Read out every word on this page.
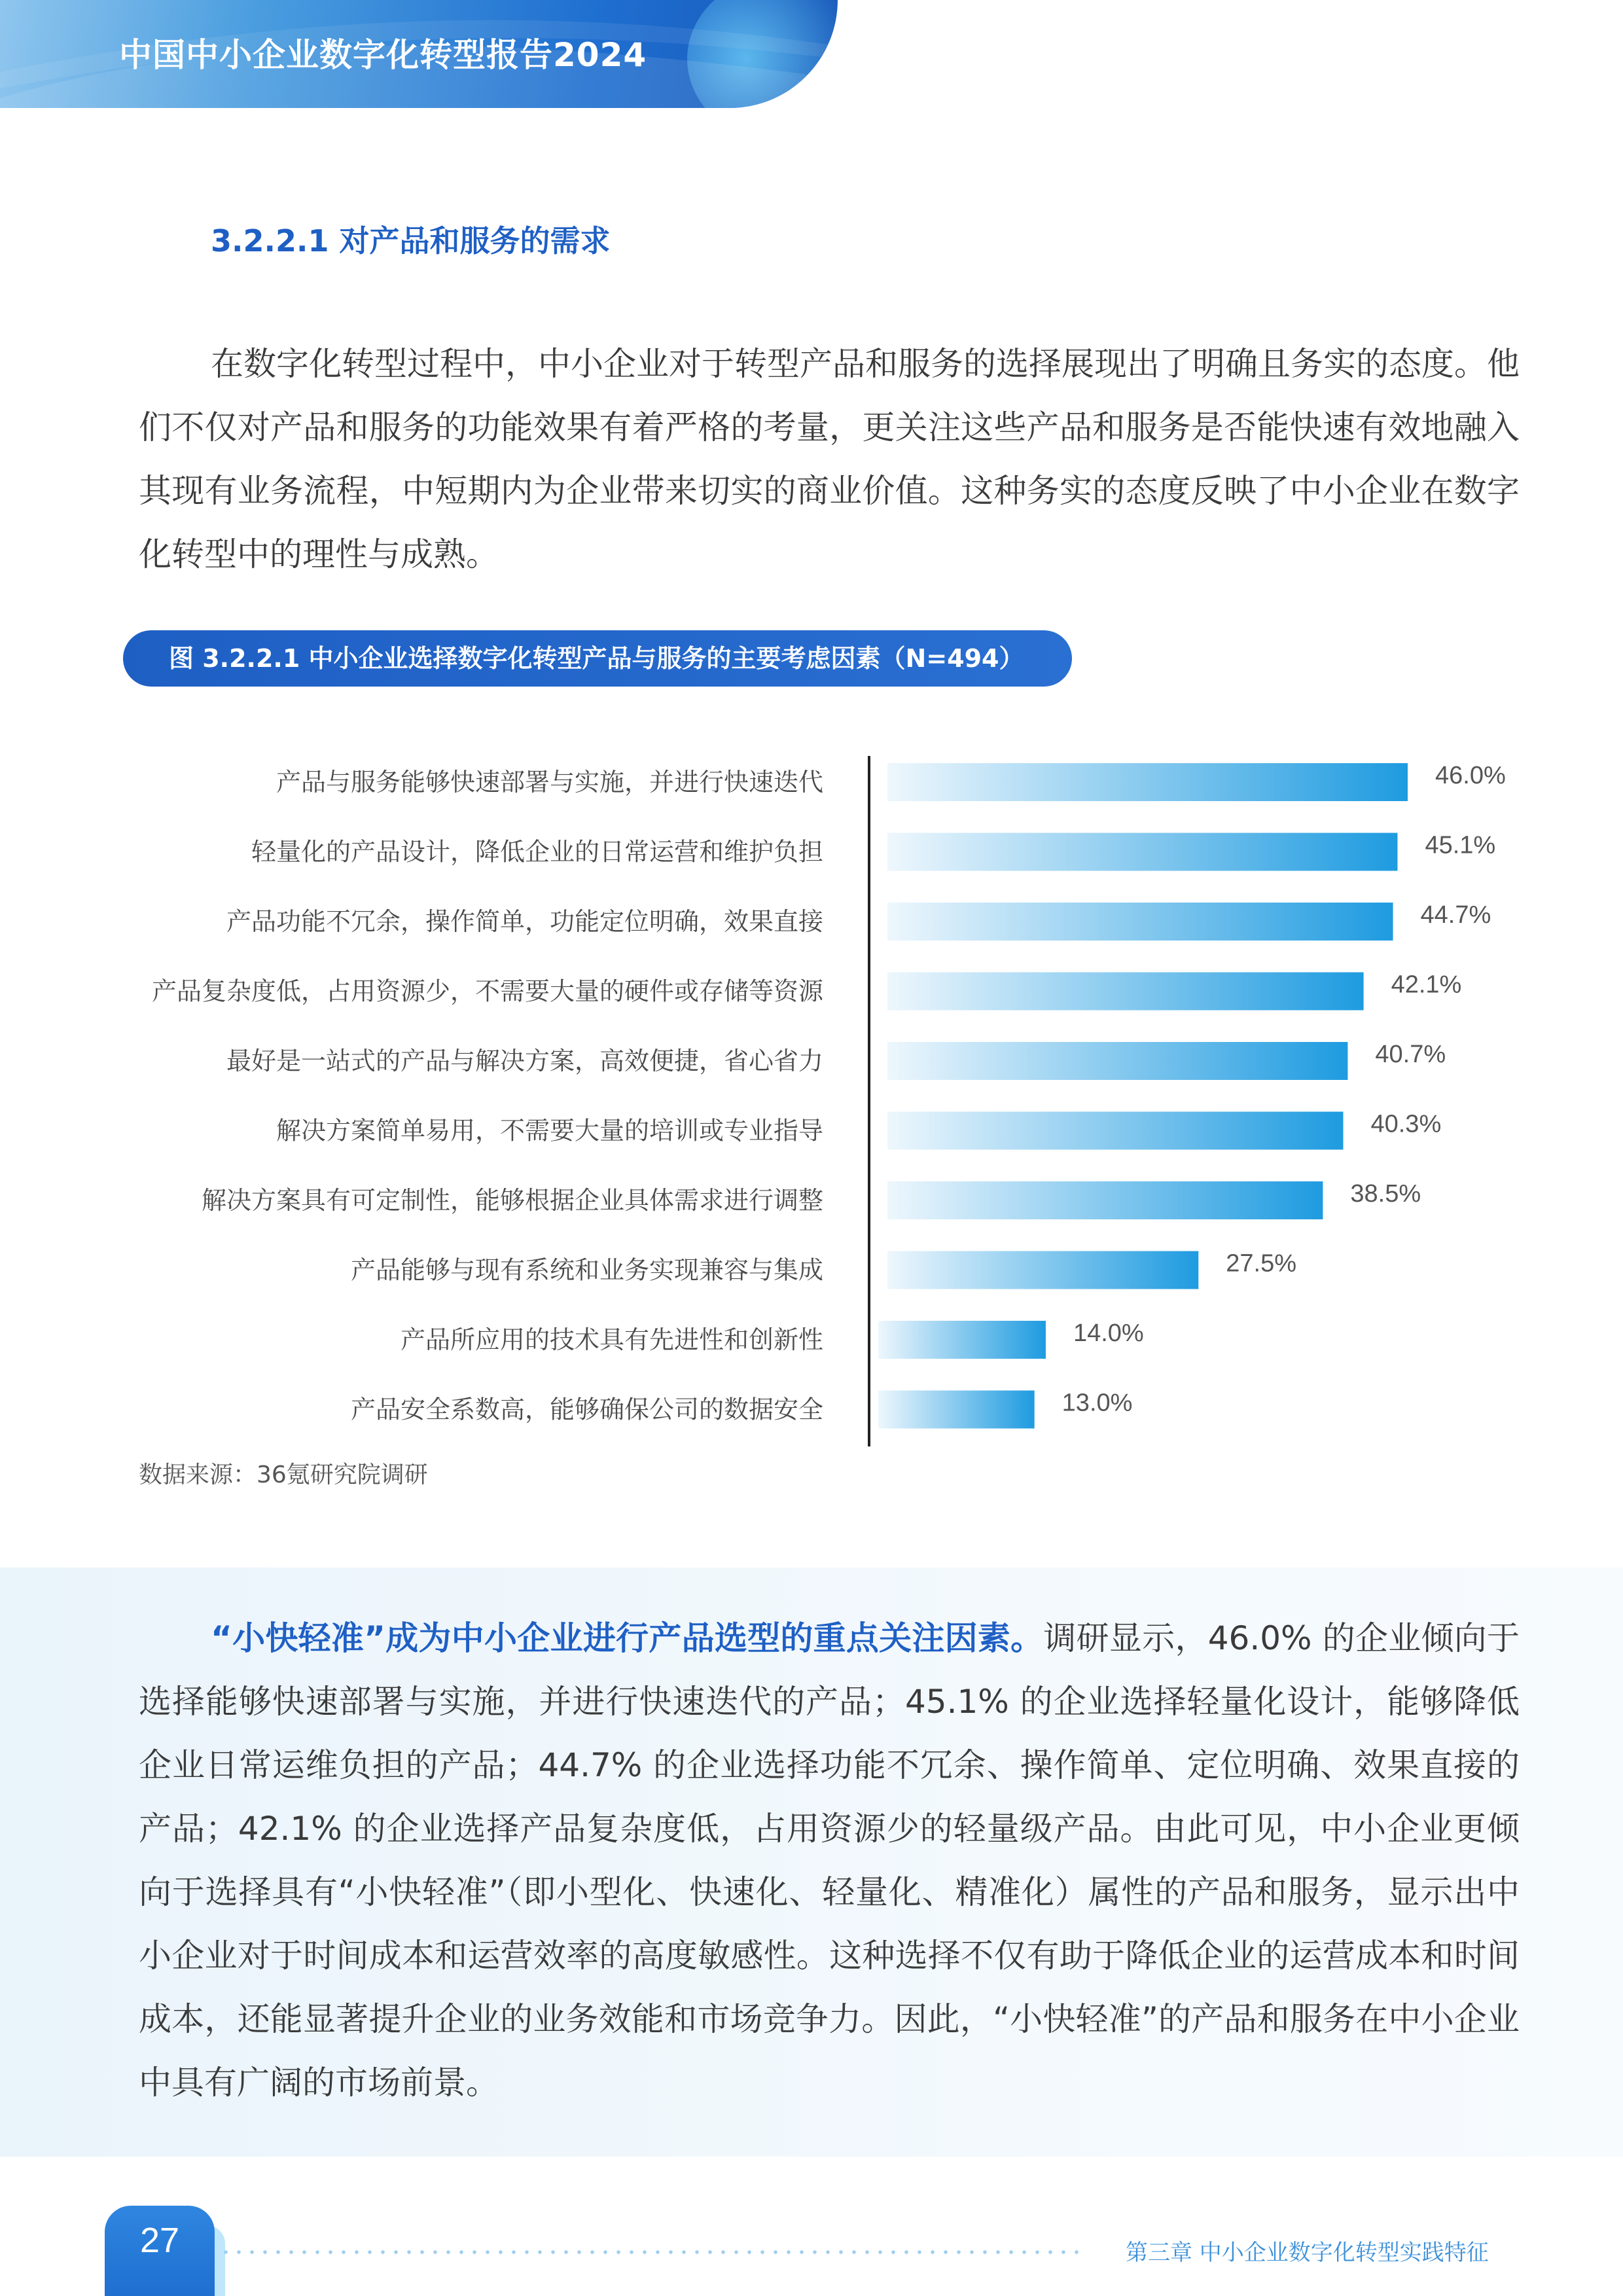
中国中小企业数字化转型报告2024
3.2.2.1 对产品和服务的需求

在数字化转型过程中，中小企业对于转型产品和服务的选择展现出了明确且务实的态度。他们不仅对产品和服务的功能效果有着严格的考量，更关注这些产品和服务是否能快速有效地融入其现有业务流程，中短期内为企业带来切实的商业价值。这种务实的态度反映了中小企业在数字化转型中的理性与成熟。

图 3.2.2.1 中小企业选择数字化转型产品与服务的主要考虑因素（N=494）
产品与服务能够快速部署与实施，并进行快速迭代	46.0%
轻量化的产品设计，降低企业的日常运营和维护负担	45.1%
产品功能不冗余，操作简单，功能定位明确，效果直接	44.7%
产品复杂度低，占用资源少，不需要大量的硬件或存储等资源	42.1%
最好是一站式的产品与解决方案，高效便捷，省心省力	40.7%
解决方案简单易用，不需要大量的培训或专业指导	40.3%
解决方案具有可定制性，能够根据企业具体需求进行调整	38.5%
产品能够与现有系统和业务实现兼容与集成	27.5%
产品所应用的技术具有先进性和创新性	14.0%
产品安全系数高，能够确保公司的数据安全	13.0%
数据来源：36氪研究院调研

“小快轻准”成为中小企业进行产品选型的重点关注因素。调研显示，46.0% 的企业倾向于选择能够快速部署与实施，并进行快速迭代的产品；45.1% 的企业选择轻量化设计，能够降低企业日常运维负担的产品；44.7% 的企业选择功能不冗余、操作简单、定位明确、效果直接的产品；42.1% 的企业选择产品复杂度低，占用资源少的轻量级产品。由此可见，中小企业更倾向于选择具有“小快轻准”（即小型化、快速化、轻量化、精准化）属性的产品和服务，显示出中小企业对于时间成本和运营效率的高度敏感性。这种选择不仅有助于降低企业的运营成本和时间成本，还能显著提升企业的业务效能和市场竞争力。因此，“小快轻准”的产品和服务在中小企业中具有广阔的市场前景。

27	第三章 中小企业数字化转型实践特征
